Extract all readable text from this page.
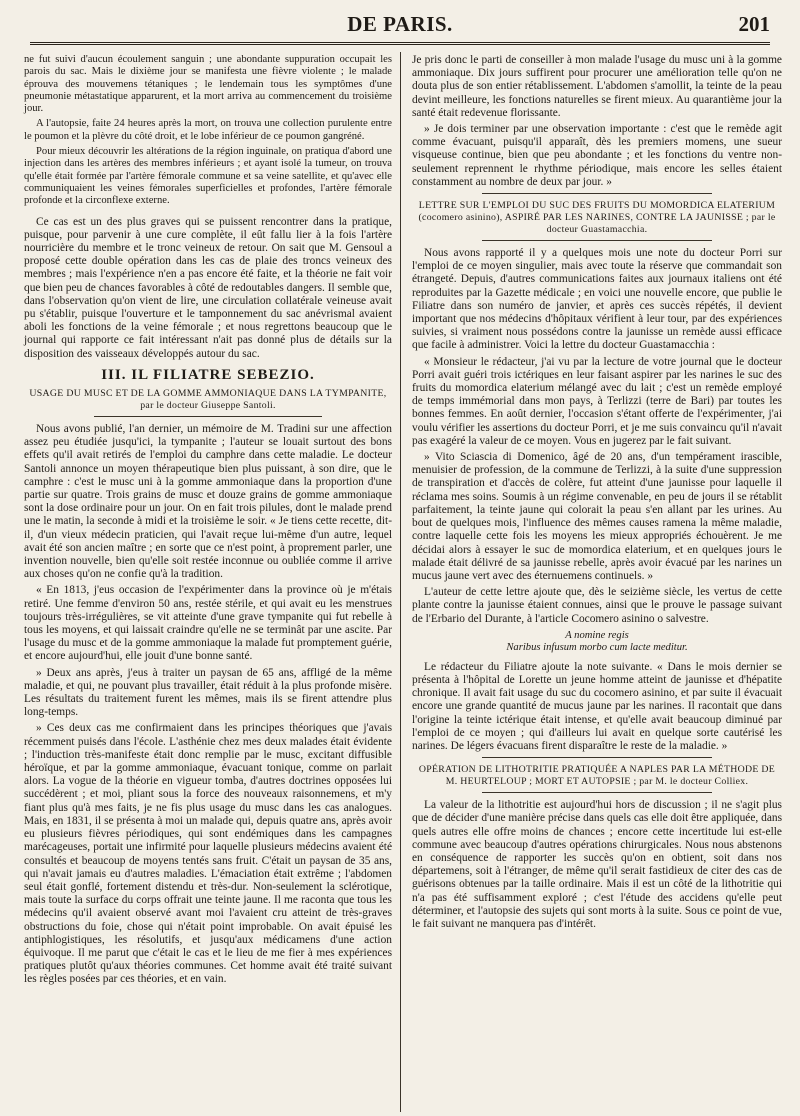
DE PARIS.	201

ne fut suivi d'aucun écoulement sanguin ; une abondante suppuration occupait les parois du sac. Mais le dixième jour se manifesta une fièvre violente ; le malade éprouva des mouvemens tétaniques ; le lendemain tous les symptômes d'une pneumonie métastatique apparurent, et la mort arriva au commencement du troisième jour.

A l'autopsie, faite 24 heures après la mort, on trouva une collection purulente entre le poumon et la plèvre du côté droit, et le lobe inférieur de ce poumon gangréné.

Pour mieux découvrir les altérations de la région inguinale, on pratiqua d'abord une injection dans les artères des membres inférieurs ; et ayant isolé la tumeur, on trouva qu'elle était formée par l'artère fémorale commune et sa veine satellite, et qu'avec elle communiquaient les veines fémorales superficielles et profondes, l'artère fémorale profonde et la circonflexe externe.

Ce cas est un des plus graves qui se puissent rencontrer dans la pratique, puisque, pour parvenir à une cure complète, il eût fallu lier à la fois l'artère nourricière du membre et le tronc veineux de retour. On sait que M. Gensoul a proposé cette double opération dans les cas de plaie des troncs veineux des membres ; mais l'expérience n'en a pas encore été faite, et la théorie ne fait voir que bien peu de chances favorables à côté de redoutables dangers. Il semble que, dans l'observation qu'on vient de lire, une circulation collatérale veineuse avait pu s'établir, puisque l'ouverture et le tamponnement du sac anévrismal avaient aboli les fonctions de la veine fémorale ; et nous regrettons beaucoup que le journal qui rapporte ce fait intéressant n'ait pas donné plus de détails sur la disposition des vaisseaux développés autour du sac.

III. IL FILIATRE SEBEZIO.

USAGE DU MUSC ET DE LA GOMME AMMONIAQUE DANS LA TYMPANITE, par le docteur Giuseppe Santoli.

Nous avons publié, l'an dernier, un mémoire de M. Tradini sur une affection assez peu étudiée jusqu'ici, la tympanite ; l'auteur se louait surtout des bons effets qu'il avait retirés de l'emploi du camphre dans cette maladie. Le docteur Santoli annonce un moyen thérapeutique bien plus puissant, à son dire, que le camphre : c'est le musc uni à la gomme ammoniaque dans la proportion d'une partie sur quatre. Trois grains de musc et douze grains de gomme ammoniaque sont la dose ordinaire pour un jour. On en fait trois pilules, dont le malade prend une le matin, la seconde à midi et la troisième le soir. « Je tiens cette recette, dit-il, d'un vieux médecin praticien, qui l'avait reçue lui-même d'un autre, lequel avait été son ancien maître ; en sorte que ce n'est point, à proprement parler, une invention nouvelle, bien qu'elle soit restée inconnue ou oubliée comme il arrive aux choses qu'on ne confie qu'à la tradition.

« En 1813, j'eus occasion de l'expérimenter dans la province où je m'étais retiré. Une femme d'environ 50 ans, restée stérile, et qui avait eu les menstrues toujours très-irrégulières, se vit atteinte d'une grave tympanite qui fut rebelle à tous les moyens, et qui laissait craindre qu'elle ne se terminât par une ascite. Par l'usage du musc et de la gomme ammoniaque la malade fut promptement guérie, et encore aujourd'hui, elle jouit d'une bonne santé.

» Deux ans après, j'eus à traiter un paysan de 65 ans, affligé de la même maladie, et qui, ne pouvant plus travailler, était réduit à la plus profonde misère. Les résultats du traitement furent les mêmes, mais ils se firent attendre plus long-temps.

» Ces deux cas me confirmaient dans les principes théoriques que j'avais récemment puisés dans l'école. L'asthénie chez mes deux malades était évidente ; l'induction très-manifeste était donc remplie par le musc, excitant diffusible héroïque, et par la gomme ammoniaque, évacuant tonique, comme on parlait alors. La vogue de la théorie en vigueur tomba, d'autres doctrines opposées lui succédèrent ; et moi, pliant sous la force des nouveaux raisonnemens, et m'y fiant plus qu'à mes faits, je ne fis plus usage du musc dans les cas analogues. Mais, en 1831, il se présenta à moi un malade qui, depuis quatre ans, après avoir eu plusieurs fièvres périodiques, qui sont endémiques dans les campagnes marécageuses, portait une infirmité pour laquelle plusieurs médecins avaient été consultés et beaucoup de moyens tentés sans fruit. C'était un paysan de 35 ans, qui n'avait jamais eu d'autres maladies. L'émaciation était extrême ; l'abdomen seul était gonflé, fortement distendu et très-dur. Non-seulement la sclérotique, mais toute la surface du corps offrait une teinte jaune. Il me raconta que tous les médecins qu'il avaient observé avant moi l'avaient cru atteint de très-graves obstructions du foie, chose qui n'était point improbable. On avait épuisé les antiphlogistiques, les résolutifs, et jusqu'aux médicamens d'une action équivoque. Il me parut que c'était le cas et le lieu de me fier à mes expériences pratiques plutôt qu'aux théories communes. Cet homme avait été traité suivant les règles posées par ces théories, et en vain.

Je pris donc le parti de conseiller à mon malade l'usage du musc uni à la gomme ammoniaque. Dix jours suffirent pour procurer une amélioration telle qu'on ne douta plus de son entier rétablissement. L'abdomen s'amollit, la teinte de la peau devint meilleure, les fonctions naturelles se firent mieux. Au quarantième jour la santé était redevenue florissante.

» Je dois terminer par une observation importante : c'est que le remède agit comme évacuant, puisqu'il apparaît, dès les premiers momens, une sueur visqueuse continue, bien que peu abondante ; et les fonctions du ventre non-seulement reprennent le rhythme périodique, mais encore les selles étaient constamment au nombre de deux par jour. »

LETTRE SUR L'EMPLOI DU SUC DES FRUITS DU MOMORDICA ELATERIUM (cocomero asinino), ASPIRÉ PAR LES NARINES, CONTRE LA JAUNISSE ; par le docteur Guastamacchia.

Nous avons rapporté il y a quelques mois une note du docteur Porri sur l'emploi de ce moyen singulier, mais avec toute la réserve que commandait son étrangeté. Depuis, d'autres communications faites aux journaux italiens ont été reproduites par la Gazette médicale ; en voici une nouvelle encore, que publie le Filiatre dans son numéro de janvier, et après ces succès répétés, il devient important que nos médecins d'hôpitaux vérifient à leur tour, par des expériences suivies, si vraiment nous possédons contre la jaunisse un remède aussi efficace que facile à administrer. Voici la lettre du docteur Guastamacchia :

« Monsieur le rédacteur, j'ai vu par la lecture de votre journal que le docteur Porri avait guéri trois ictériques en leur faisant aspirer par les narines le suc des fruits du momordica elaterium mélangé avec du lait ; c'est un remède employé de temps immémorial dans mon pays, à Terlizzi (terre de Bari) par toutes les bonnes femmes. En août dernier, l'occasion s'étant offerte de l'expérimenter, j'ai voulu vérifier les assertions du docteur Porri, et je me suis convaincu qu'il n'avait pas exagéré la valeur de ce moyen. Vous en jugerez par le fait suivant.

» Vito Sciascia di Domenico, âgé de 20 ans, d'un tempérament irascible, menuisier de profession, de la commune de Terlizzi, à la suite d'une suppression de transpiration et d'accès de colère, fut atteint d'une jaunisse pour laquelle il réclama mes soins. Soumis à un régime convenable, en peu de jours il se rétablit parfaitement, la teinte jaune qui colorait la peau s'en allant par les urines. Au bout de quelques mois, l'influence des mêmes causes ramena la même maladie, contre laquelle cette fois les moyens les mieux appropriés échouèrent. Je me décidai alors à essayer le suc de momordica elaterium, et en quelques jours le malade était délivré de sa jaunisse rebelle, après avoir évacué par les narines un mucus jaune vert avec des éternuemens continuels. »

L'auteur de cette lettre ajoute que, dès le seizième siècle, les vertus de cette plante contre la jaunisse étaient connues, ainsi que le prouve le passage suivant de l'Erbario del Durante, à l'article Cocomero asinino o salvestre.

A nomine regis
Naribus infusum morbo cum lacte meditur.

Le rédacteur du Filiatre ajoute la note suivante. « Dans le mois dernier se présenta à l'hôpital de Lorette un jeune homme atteint de jaunisse et d'hépatite chronique. Il avait fait usage du suc du cocomero asinino, et par suite il évacuait encore une grande quantité de mucus jaune par les narines. Il racontait que dans l'origine la teinte ictérique était intense, et qu'elle avait beaucoup diminué par l'emploi de ce moyen ; qui d'ailleurs lui avait en quelque sorte cautérisé les narines. De légers évacuans firent disparaître le reste de la maladie. »

OPÉRATION DE LITHOTRITIE PRATIQUÉE A NAPLES PAR LA MÉTHODE DE M. HEURTELOUP ; MORT ET AUTOPSIE ; par M. le docteur Colliex.

La valeur de la lithotritie est aujourd'hui hors de discussion ; il ne s'agit plus que de décider d'une manière précise dans quels cas elle doit être appliquée, dans quels autres elle offre moins de chances ; encore cette incertitude lui est-elle commune avec beaucoup d'autres opérations chirurgicales. Nous nous abstenons en conséquence de rapporter les succès qu'on en obtient, soit dans nos départemens, soit à l'étranger, de même qu'il serait fastidieux de citer des cas de guérisons obtenues par la taille ordinaire. Mais il est un côté de la lithotritie qui n'a pas été suffisamment exploré ; c'est l'étude des accidens qu'elle peut déterminer, et l'autopsie des sujets qui sont morts à la suite. Sous ce point de vue, le fait suivant ne manquera pas d'intérêt.
